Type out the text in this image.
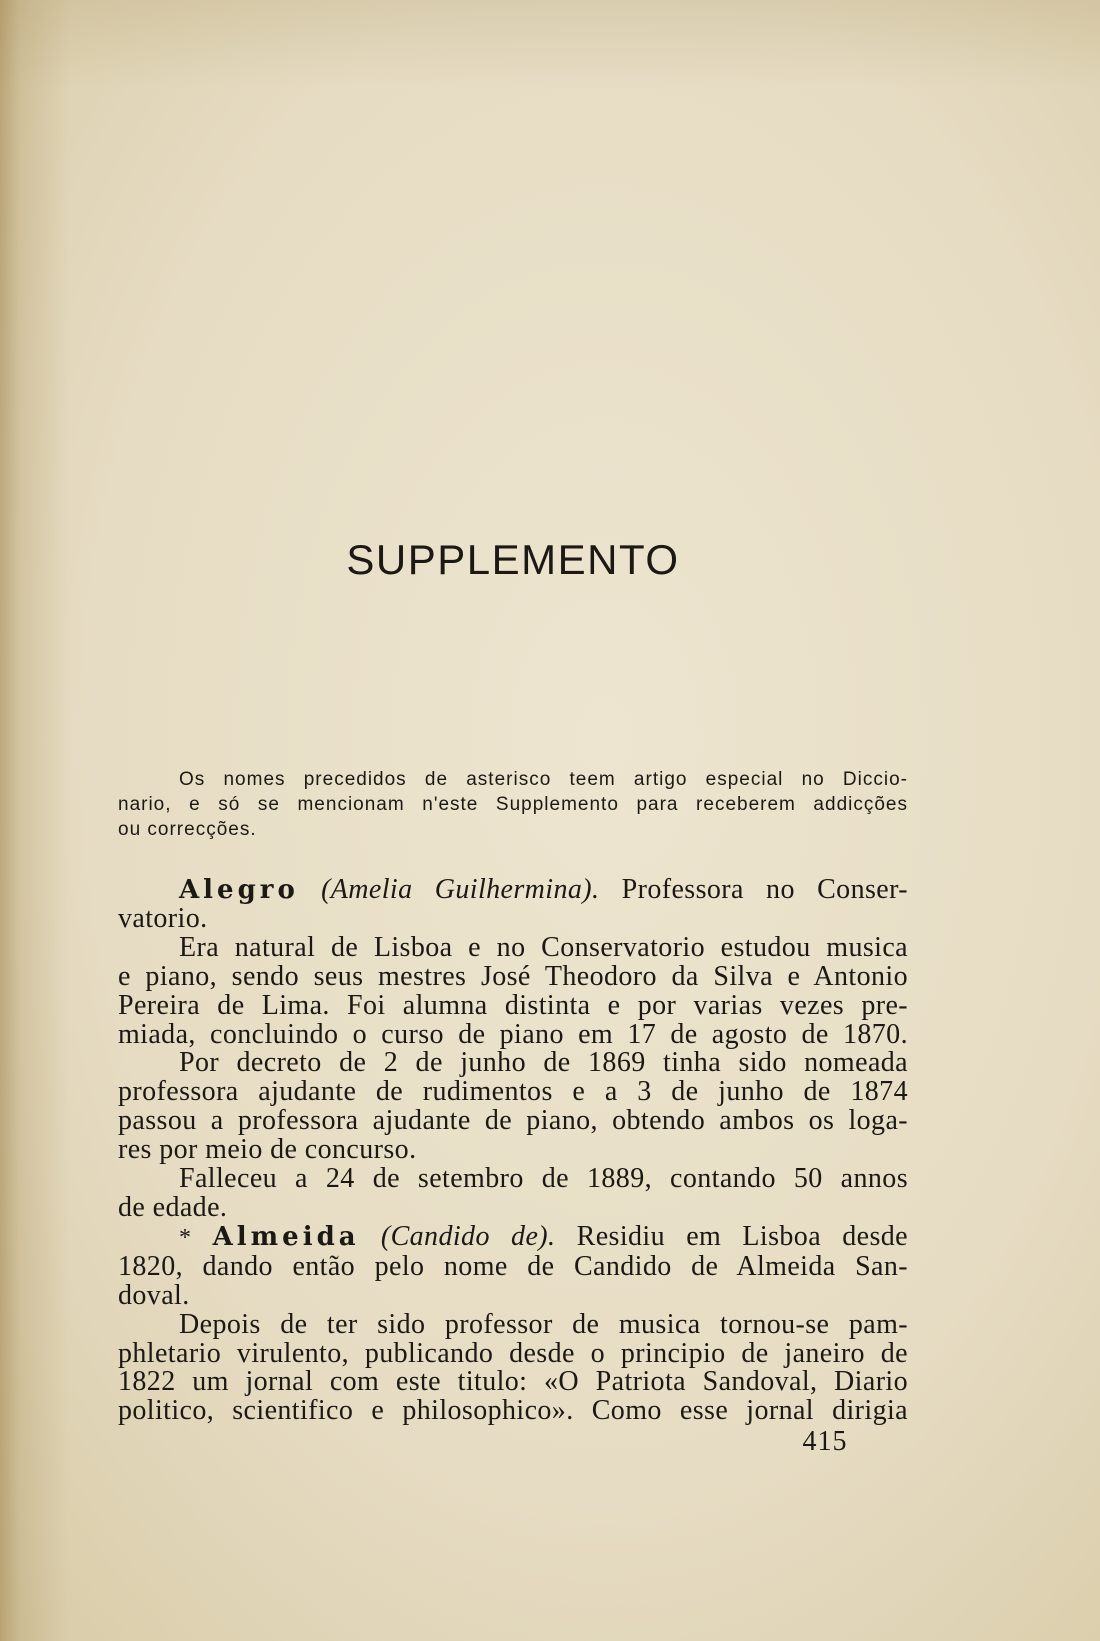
SUPPLEMENTO
Os nomes precedidos de asterisco teem artigo especial no Diccio-
nario, e só se mencionam n'este Supplemento para receberem addicções
ou correcções.
Alegro (Amelia Guilhermina). Professora no Conser-
vatorio.
Era natural de Lisboa e no Conservatorio estudou musica
e piano, sendo seus mestres José Theodoro da Silva e Antonio
Pereira de Lima. Foi alumna distinta e por varias vezes pre-
miada, concluindo o curso de piano em 17 de agosto de 1870.
Por decreto de 2 de junho de 1869 tinha sido nomeada
professora ajudante de rudimentos e a 3 de junho de 1874
passou a professora ajudante de piano, obtendo ambos os loga-
res por meio de concurso.
Falleceu a 24 de setembro de 1889, contando 50 annos
de edade.
* Almeida (Candido de). Residiu em Lisboa desde
1820, dando então pelo nome de Candido de Almeida San-
doval.
Depois de ter sido professor de musica tornou-se pam-
phletario virulento, publicando desde o principio de janeiro de
1822 um jornal com este titulo: «O Patriota Sandoval, Diario
politico, scientifico e philosophico». Como esse jornal dirigia
415
